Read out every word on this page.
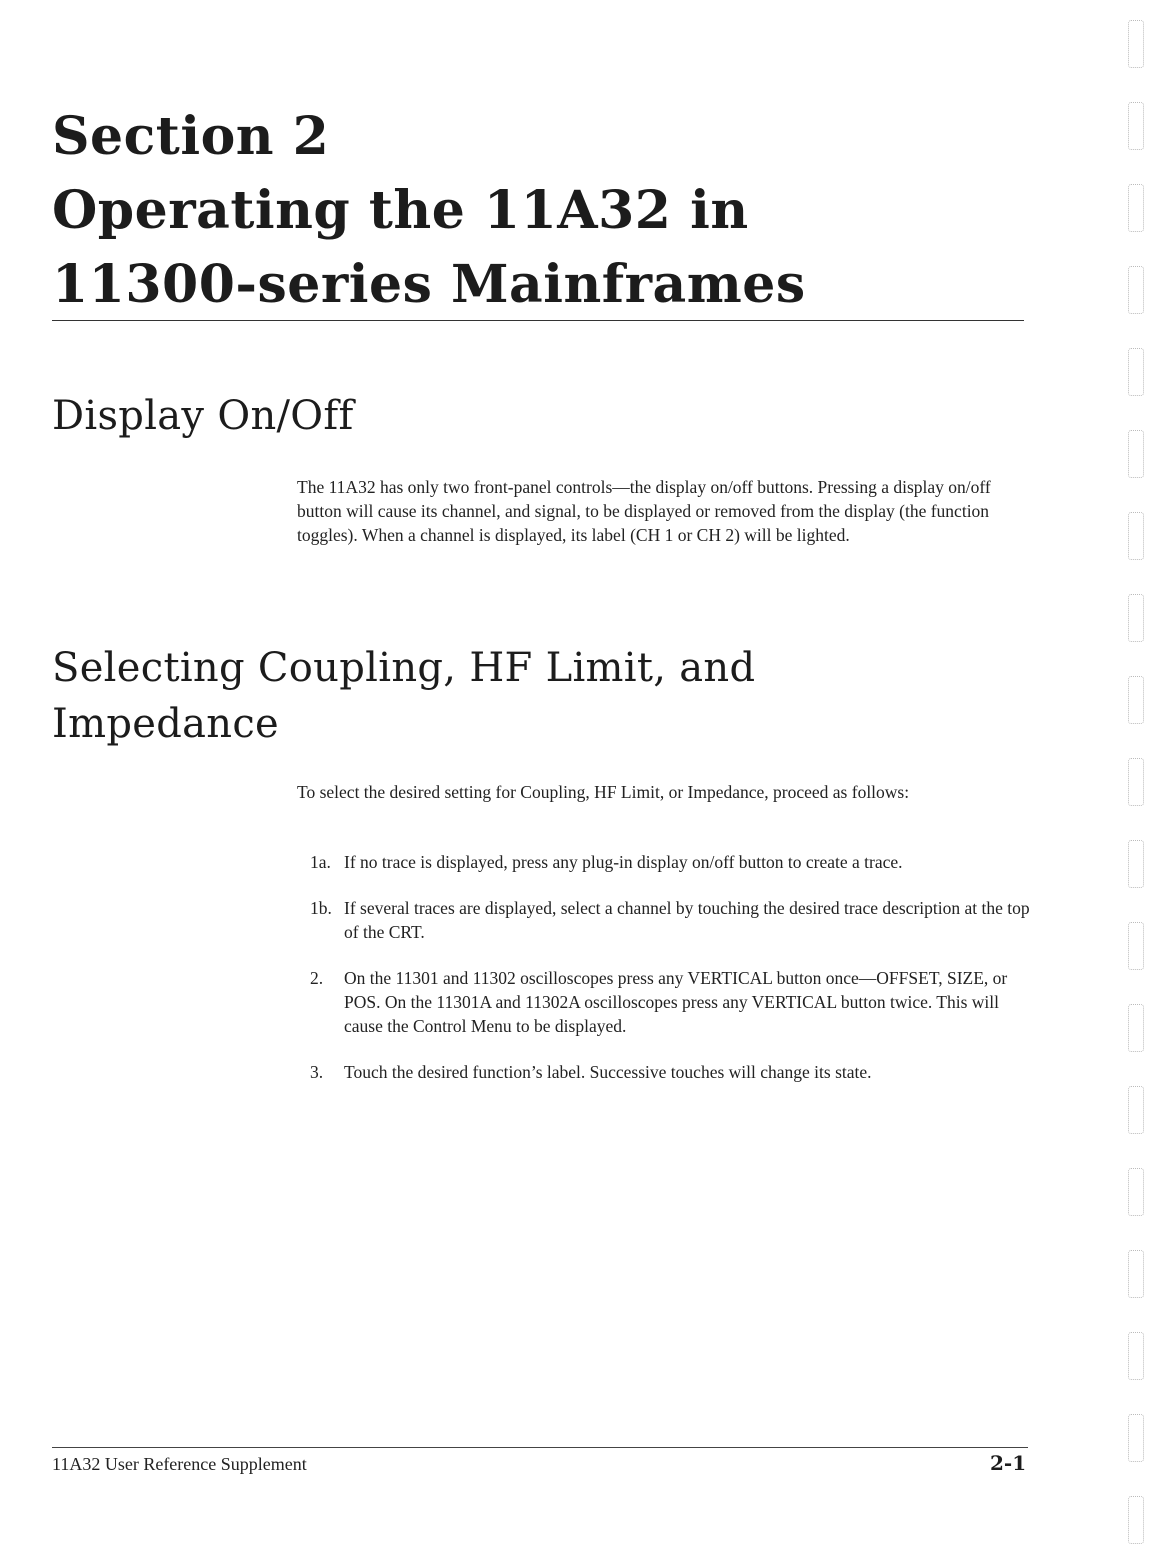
Section 2
Operating the 11A32 in
11300-series Mainframes
Display On/Off

The 11A32 has only two front-panel controls—the display on/off buttons. Pressing a display on/off button will cause its channel, and signal, to be displayed or removed from the display (the function toggles). When a channel is displayed, its label (CH 1 or CH 2) will be lighted.

Selecting Coupling, HF Limit, and
Impedance

To select the desired setting for Coupling, HF Limit, or Impedance, proceed as follows:

1a. If no trace is displayed, press any plug-in display on/off button to create a trace.
1b. If several traces are displayed, select a channel by touching the desired trace description at the top of the CRT.
2. On the 11301 and 11302 oscilloscopes press any VERTICAL button once—OFFSET, SIZE, or POS. On the 11301A and 11302A oscilloscopes press any VERTICAL button twice. This will cause the Control Menu to be displayed.
3. Touch the desired function’s label. Successive touches will change its state.
11A32 User Reference Supplement	2-1
